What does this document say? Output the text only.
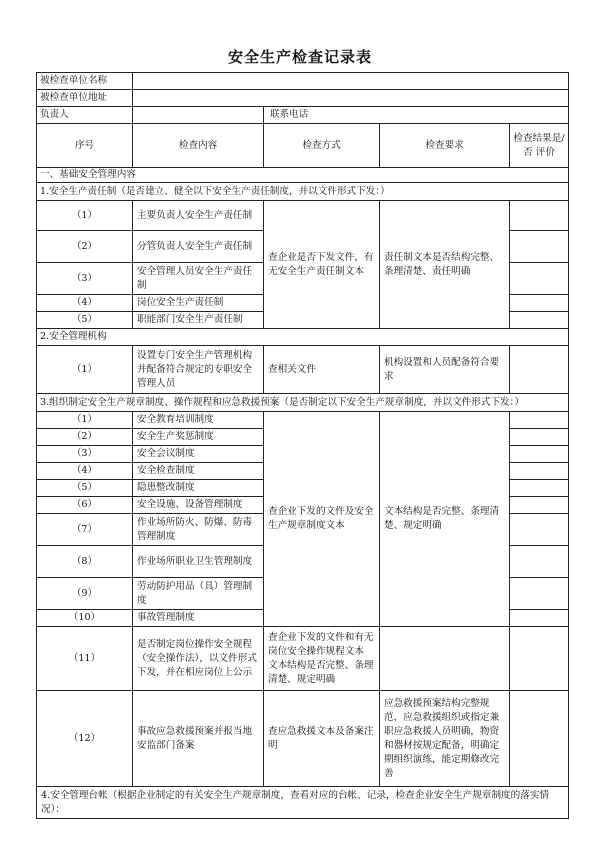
安全生产检查记录表
被检查单位名称				
被检查单位地址				
负责人		联系电话		
序号	检查内容	检查方式	检查要求	检查结果是/否 评价
一、基础安全管理内容				
1.安全生产责任制（是否建立、健全以下安全生产责任制度，并以文件形式下发：）				
（1）	主要负责人安全生产责任制	查企业是否下发文件，有无安全生产责任制文本	责任制文本是否结构完整、条理清楚、责任明确	
（2）	分管负责人安全生产责任制			
（3）	安全管理人员安全生产责任制			
（4）	岗位安全生产责任制			
（5）	职能部门安全生产责任制			
2.安全管理机构				
（1）	设置专门安全生产管理机构并配备符合规定的专职安全管理人员	查相关文件	机构设置和人员配备符合要求	
3.组织制定安全生产规章制度、操作规程和应急救援预案（是否制定以下安全生产规章制度，并以文件形式下发：）				
（1）	安全教育培训制度	查企业下发的文件及安全生产规章制度文本	文本结构是否完整、条理清楚、规定明确	
（2）	安全生产奖惩制度			
（3）	安全会议制度			
（4）	安全检查制度			
（5）	隐患整改制度			
（6）	安全设施、设备管理制度			
（7）	作业场所防火、防爆、防毒管理制度			
（8）	作业场所职业卫生管理制度			
（9）	劳动防护用品（具）管理制度			
（10）	事故管理制度			
（11）	是否制定岗位操作安全规程（安全操作法），以文件形式下发，并在相应岗位上公示	查企业下发的文件和有无岗位安全操作规程文本 文本结构是否完整、条理清楚、规定明确		
（12）	事故应急救援预案并报当地安监部门备案	查应急救援文本及备案注明	应急救援预案结构完整规范，应急救援组织或指定兼职应急救援人员明确，物资和器材按规定配备，明确定期组织演练，能定期修改完善	
4.安全管理台帐（根据企业制定的有关安全生产规章制度，查看对应的台帐、记录，检查企业安全生产规章制度的落实情况）：				
